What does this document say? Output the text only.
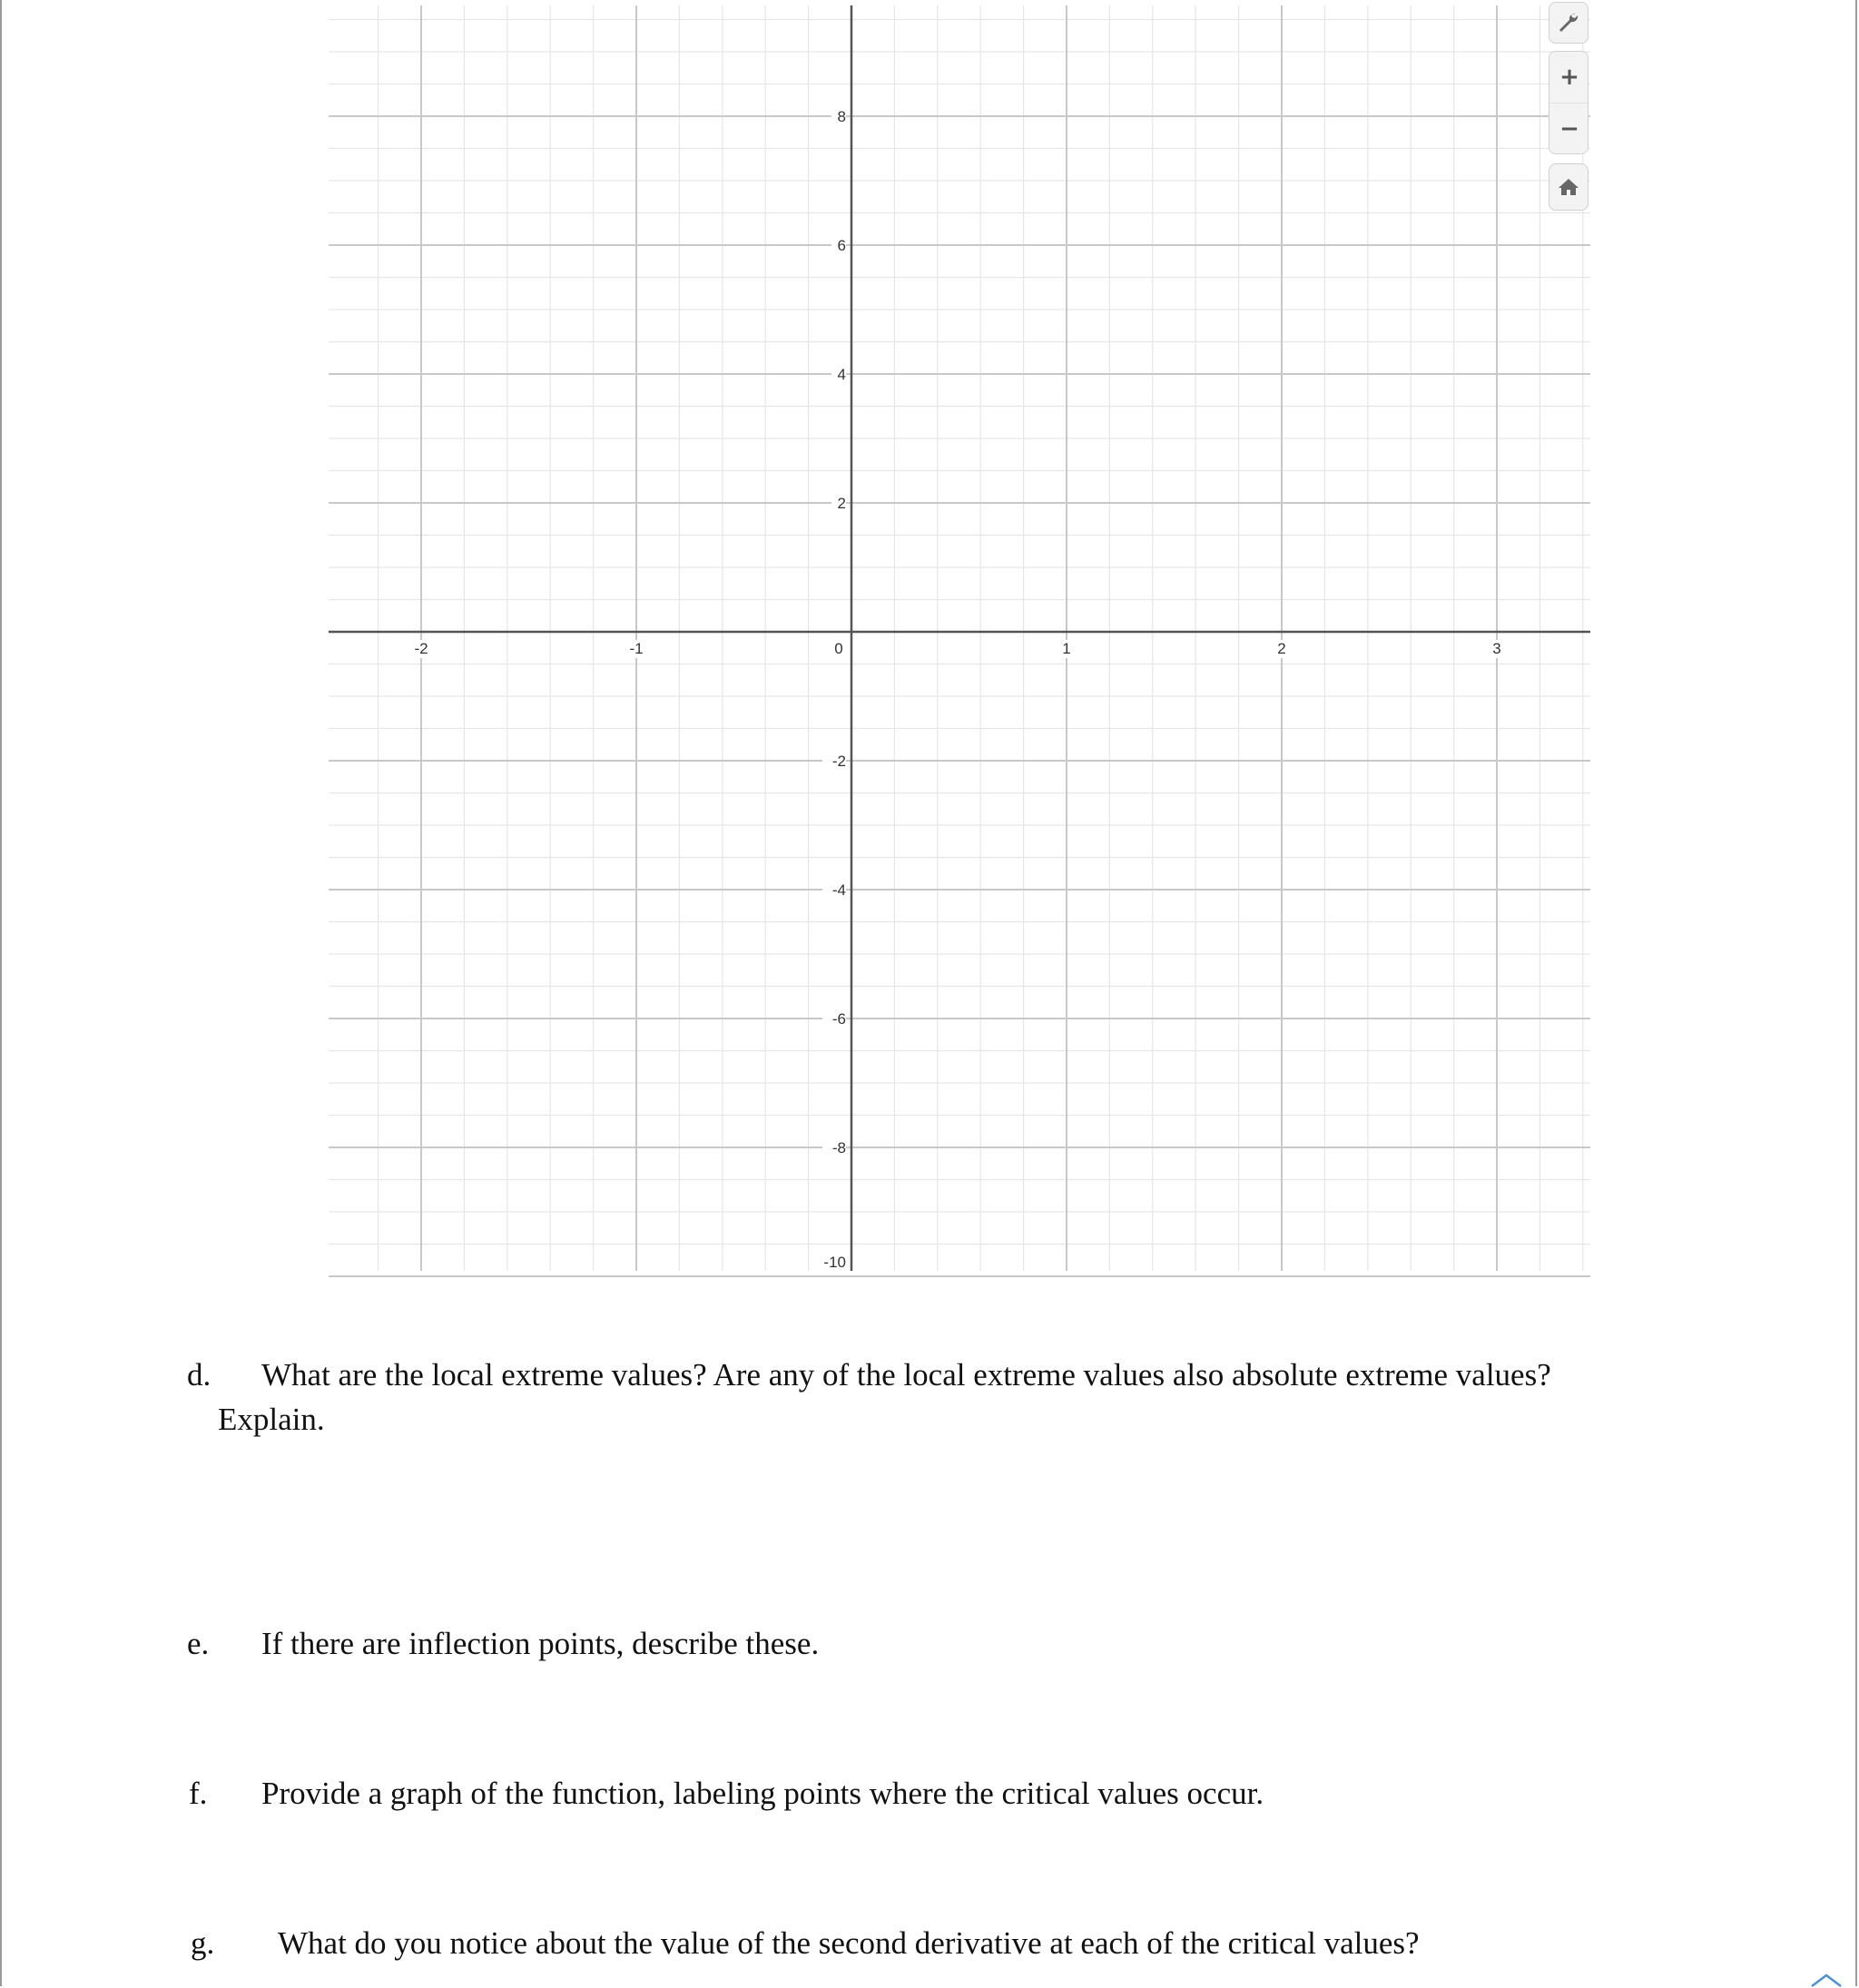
-2	-1	0	1	2	3
8
6
4
2
-2
-4
-6
-8
-10
+
−
d. What are the local extreme values? Are any of the local extreme values also absolute extreme values?
Explain.
e. If there are inflection points, describe these.
f. Provide a graph of the function, labeling points where the critical values occur.
g. What do you notice about the value of the second derivative at each of the critical values?
